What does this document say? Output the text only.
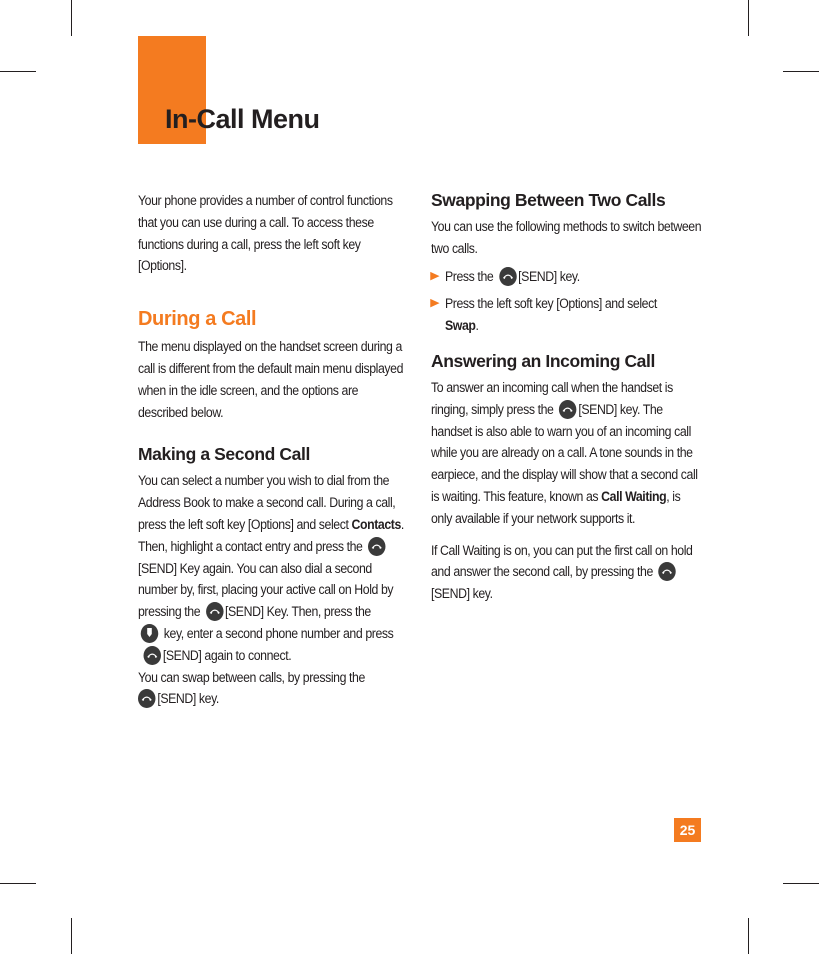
In-Call Menu

Your phone provides a number of control functions that you can use during a call. To access these functions during a call, press the left soft key [Options].

During a Call

The menu displayed on the handset screen during a call is different from the default main menu displayed when in the idle screen, and the options are described below.

Making a Second Call

You can select a number you wish to dial from the Address Book to make a second call. During a call, press the left soft key [Options] and select Contacts. Then, highlight a contact entry and press the
[SEND] Key again. You can also dial a second number by, first, placing your active call on Hold by pressing the [SEND] Key. Then, press the

key, enter a second phone number and press
[SEND] again to connect.
You can swap between calls, by pressing the

[SEND] key.

Swapping Between Two Calls

You can use the following methods to switch between two calls.

▶ Press the [SEND] key.

▶ Press the left soft key [Options] and select Swap.

Answering an Incoming Call

To answer an incoming call when the handset is ringing, simply press the [SEND] key. The handset is also able to warn you of an incoming call while you are already on a call. A tone sounds in the earpiece, and the display will show that a second call is waiting. This feature, known as Call Waiting, is only available if your network supports it.

If Call Waiting is on, you can put the first call on hold and answer the second call, by pressing the
[SEND] key.

25
